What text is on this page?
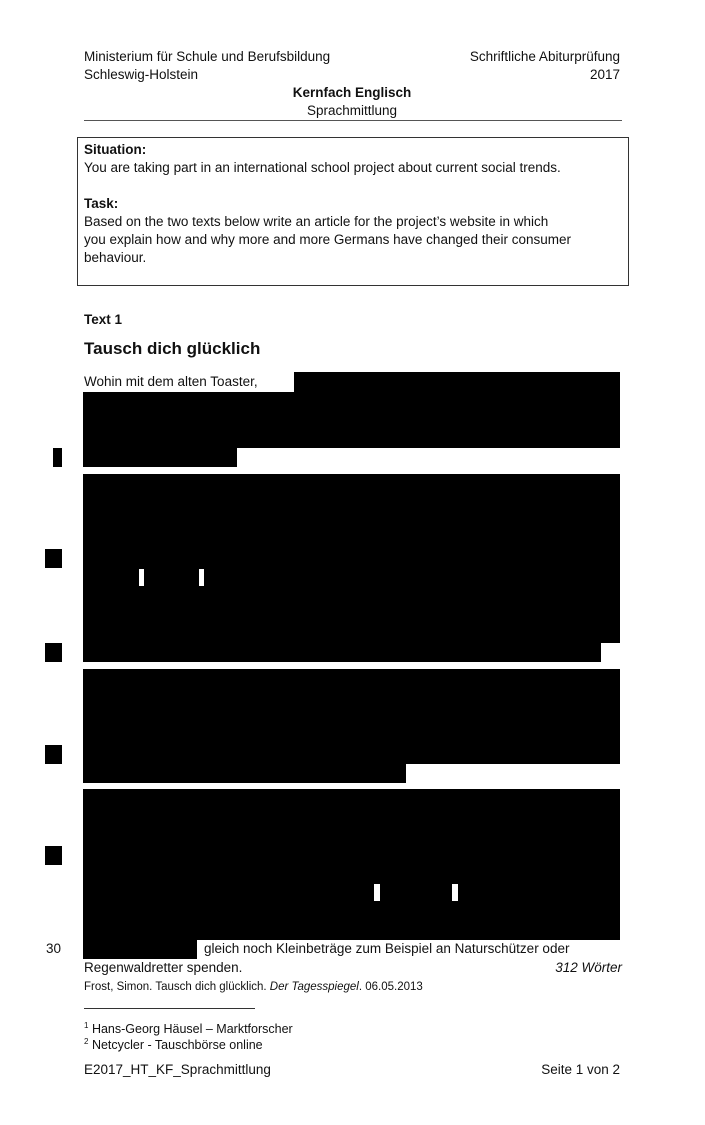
Ministerium für Schule und Berufsbildung
Schleswig-Holstein
Schriftliche Abiturprüfung
2017
Kernfach Englisch
Sprachmittlung
Situation:
You are taking part in an international school project about current social trends.
Task:
Based on the two texts below write an article for the project’s website in which
you explain how and why more and more Germans have changed their consumer
behaviour.
Text 1
Tausch dich glücklich
Wohin mit dem alten Toaster,
30	gleich noch Kleinbeträge zum Beispiel an Naturschützer oder
Regenwaldretter spenden.	312 Wörter
Frost, Simon. Tausch dich glücklich. Der Tagesspiegel. 06.05.2013
$^1$ Hans-Georg Häusel – Marktforscher
$^2$ Netcycler - Tauschbörse online
E2017_HT_KF_Sprachmittlung	Seite 1 von 2
